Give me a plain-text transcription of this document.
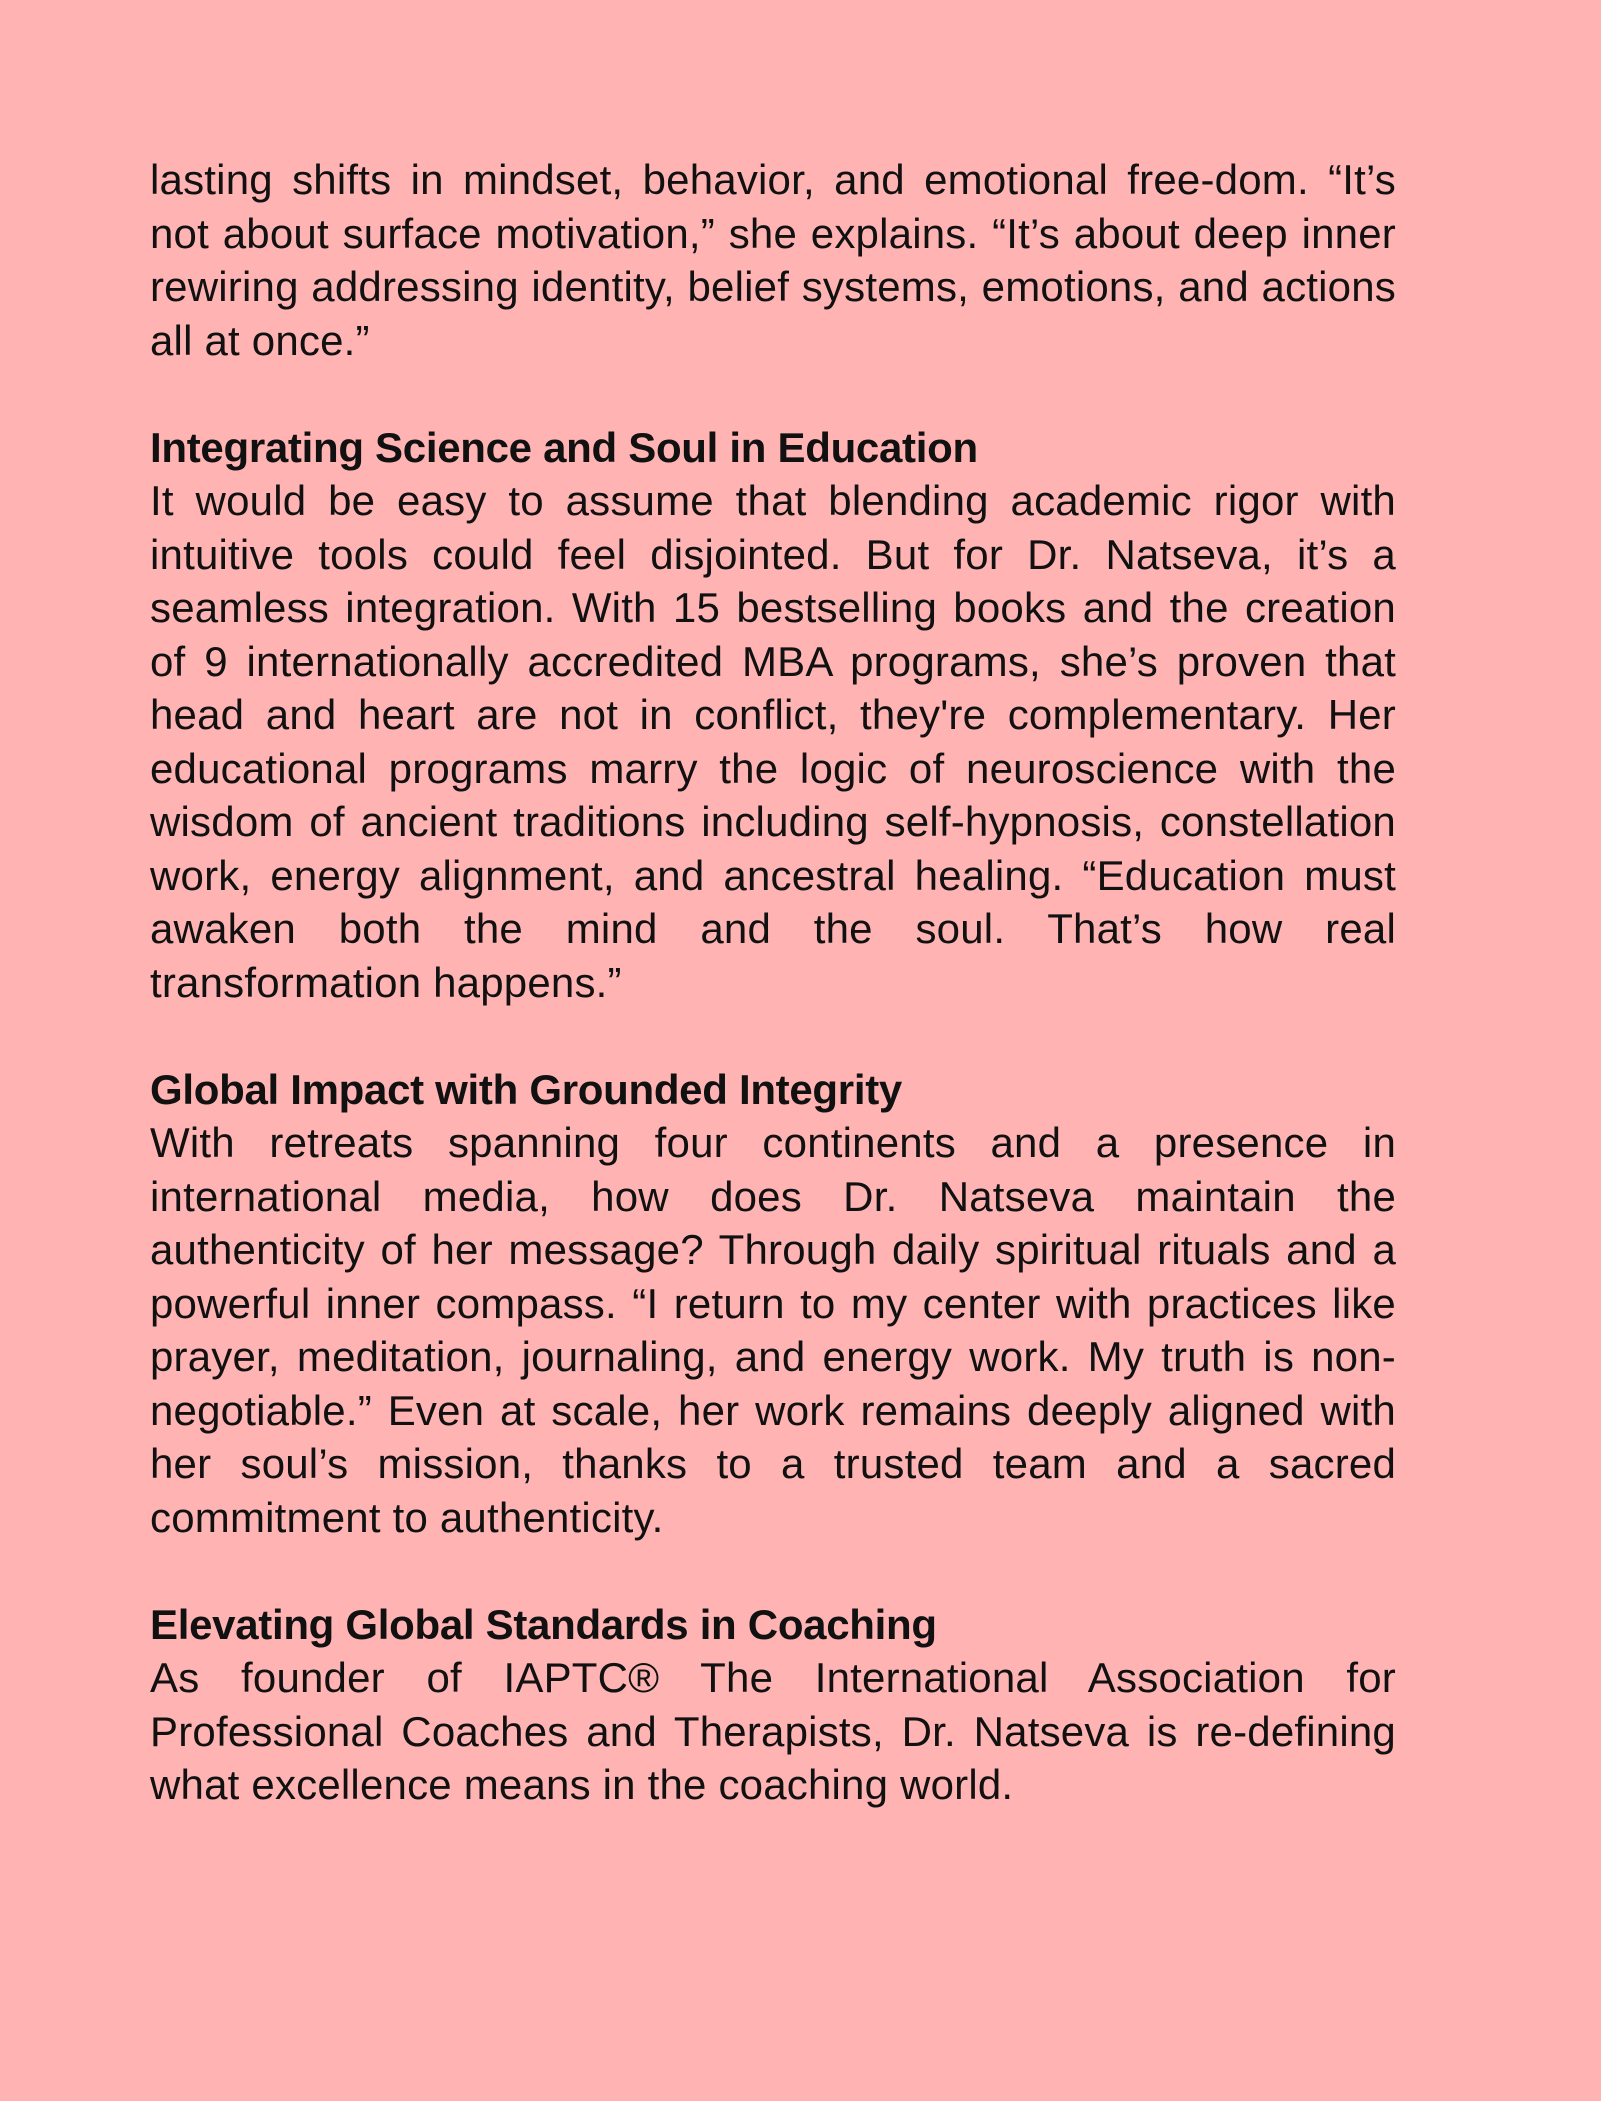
lasting shifts in mindset, behavior, and emotional free-dom. “It’s not about surface motivation,” she explains. “It’s about deep inner rewiring addressing identity, belief systems, emotions, and actions all at once.”

Integrating Science and Soul in Education

It would be easy to assume that blending academic rigor with intuitive tools could feel disjointed. But for Dr. Natseva, it’s a seamless integration. With 15 bestselling books and the creation of 9 internationally accredited MBA programs, she’s proven that head and heart are not in conflict, they're complementary. Her educational programs marry the logic of neuroscience with the wisdom of ancient traditions including self-hypnosis, constellation work, energy alignment, and ancestral healing. “Education must awaken both the mind and the soul. That’s how real transformation happens.”

Global Impact with Grounded Integrity

With retreats spanning four continents and a presence in international media, how does Dr. Natseva maintain the authenticity of her message? Through daily spiritual rituals and a powerful inner compass. “I return to my center with practices like prayer, meditation, journaling, and energy work. My truth is non-negotiable.” Even at scale, her work remains deeply aligned with her soul’s mission, thanks to a trusted team and a sacred commitment to authenticity.

Elevating Global Standards in Coaching

As founder of IAPTC® The International Association for Professional Coaches and Therapists, Dr. Natseva is re-defining what excellence means in the coaching world.
